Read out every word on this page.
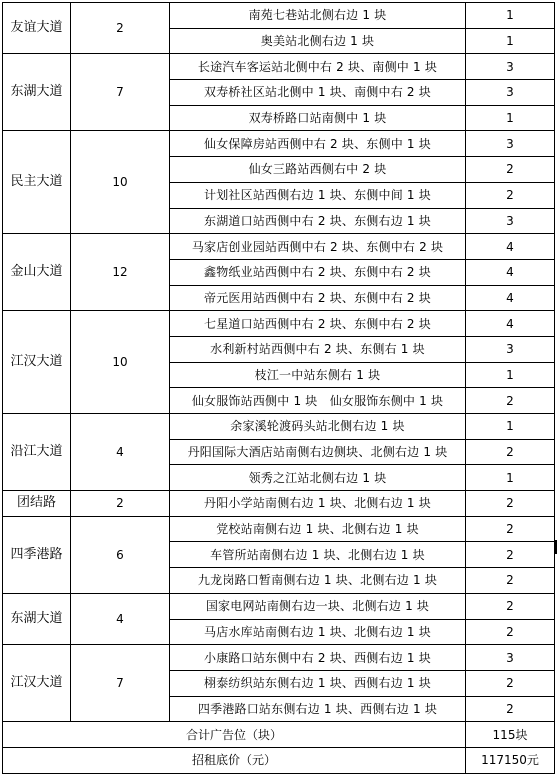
友谊大道	2	南苑七巷站北侧右边 1 块	1
		奥美站北侧右边 1 块	1
东湖大道	7	长途汽车客运站北侧中右 2 块、南侧中 1 块	3
		双寿桥社区站北侧中 1 块、南侧中右 2 块	3
		双寿桥路口站南侧中 1 块	1
民主大道	10	仙女保障房站西侧中右 2 块、东侧中 1 块	3
		仙女三路站西侧右中 2 块	2
		计划社区站西侧右边 1 块、东侧中间 1 块	2
		东湖道口站西侧中右 2 块、东侧右边 1 块	3
金山大道	12	马家店创业园站西侧中右 2 块、东侧中右 2 块	4
		鑫物纸业站西侧中右 2 块、东侧中右 2 块	4
		帝元医用站西侧中右 2 块、东侧中右 2 块	4
江汉大道	10	七星道口站西侧中右 2 块、东侧中右 2 块	4
		水利新村站西侧中右 2 块、东侧右 1 块	3
		枝江一中站东侧右 1 块	1
		仙女服饰站西侧中 1 块　仙女服饰东侧中 1 块	2
沿江大道	4	余家溪轮渡码头站北侧右边 1 块	1
		丹阳国际大酒店站南侧右边侧块、北侧右边 1 块	2
		领秀之江站北侧右边 1 块	1
团结路	2	丹阳小学站南侧右边 1 块、北侧右边 1 块	2
四季港路	6	党校站南侧右边 1 块、北侧右边 1 块	2
		车管所站南侧右边 1 块、北侧右边 1 块	2
		九龙岗路口暂南侧右边 1 块、北侧右边 1 块	2
东湖大道	4	国家电网站南侧右边一块、北侧右边 1 块	2
		马店水库站南侧右边 1 块、北侧右边 1 块	2
江汉大道	7	小康路口站东侧中右 2 块、西侧右边 1 块	3
		栩泰纺织站东侧右边 1 块、西侧右边 1 块	2
		四季港路口站东侧右边 1 块、西侧右边 1 块	2
合计广告位（块）			115块
招租底价（元）			117150元
